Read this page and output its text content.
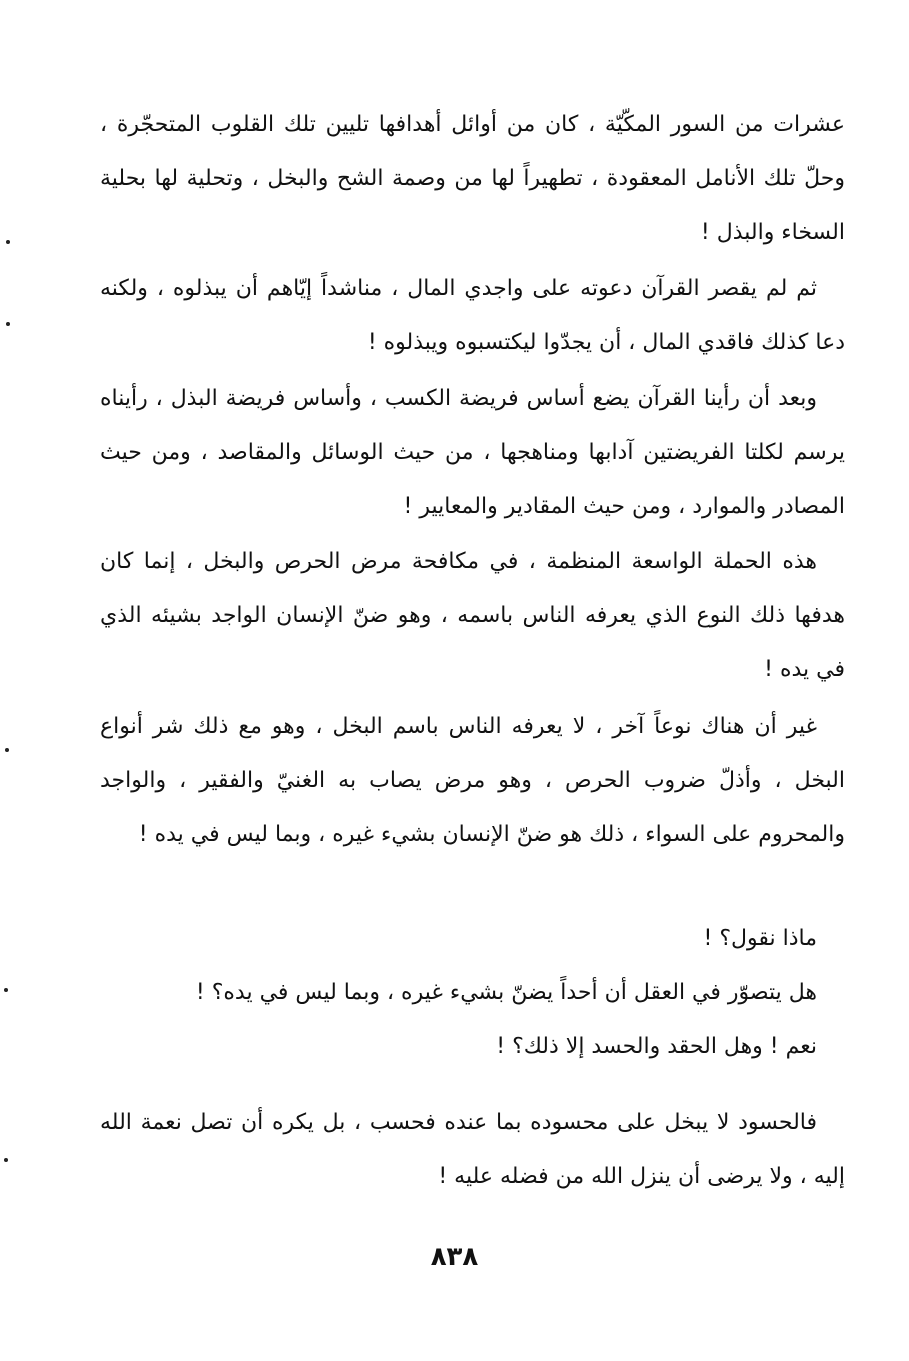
عشرات من السور المكّيّة ، كان من أوائل أهدافها تليين تلك القلوب المتحجّرة ، وحلّ تلك الأنامل المعقودة ، تطهيراً لها من وصمة الشح والبخل ، وتحلية لها بحلية السخاء والبذل !

ثم لم يقصر القرآن دعوته على واجدي المال ، مناشداً إيّاهم أن يبذلوه ، ولكنه دعا كذلك فاقدي المال ، أن يجدّوا ليكتسبوه ويبذلوه !

وبعد أن رأينا القرآن يضع أساس فريضة الكسب ، وأساس فريضة البذل ، رأيناه يرسم لكلتا الفريضتين آدابها ومناهجها ، من حيث الوسائل والمقاصد ، ومن حيث المصادر والموارد ، ومن حيث المقادير والمعايير !

هذه الحملة الواسعة المنظمة ، في مكافحة مرض الحرص والبخل ، إنما كان هدفها ذلك النوع الذي يعرفه الناس باسمه ، وهو ضنّ الإنسان الواجد بشيئه الذي في يده !

غير أن هناك نوعاً آخر ، لا يعرفه الناس باسم البخل ، وهو مع ذلك شر أنواع البخل ، وأذلّ ضروب الحرص ، وهو مرض يصاب به الغنيّ والفقير ، والواجد والمحروم على السواء ، ذلك هو ضنّ الإنسان بشيء غيره ، وبما ليس في يده !

ماذا نقول؟ !

هل يتصوّر في العقل أن أحداً يضنّ بشيء غيره ، وبما ليس في يده؟ !

نعم ! وهل الحقد والحسد إلا ذلك؟ !

فالحسود لا يبخل على محسوده بما عنده فحسب ، بل يكره أن تصل نعمة الله إليه ، ولا يرضى أن ينزل الله من فضله عليه !

٨٣٨
